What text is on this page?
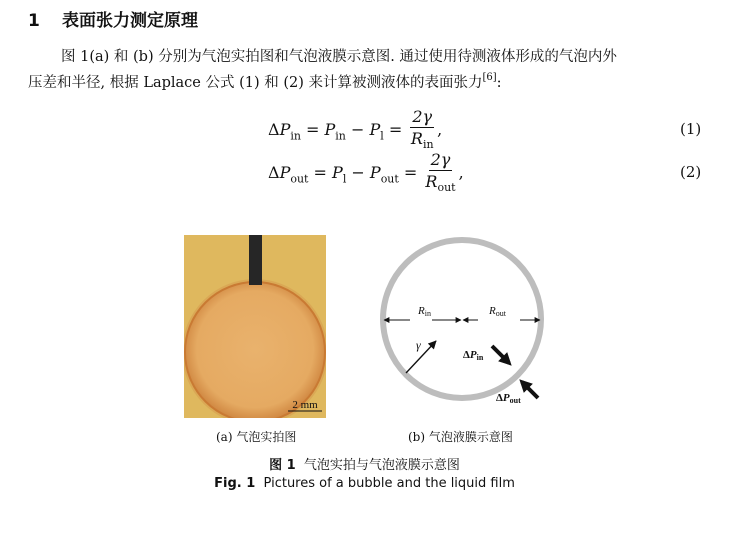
1 表面张力测定原理
图 1(a) 和 (b) 分别为气泡实拍图和气泡液膜示意图. 通过使用待测液体形成的气泡内外
压差和半径, 根据 Laplace 公式 (1) 和 (2) 来计算被测液体的表面张力[6]:
$\Delta P_{in} = P_{in} - P_l = \frac{2\gamma}{R_{in}}$ ,	(1)
$\Delta P_{out} = P_l - P_{out} = \frac{2\gamma}{R_{out}}$ ,	(2)
2 mm
(a) 气泡实拍图
Rin	Rout
γ
ΔPin
ΔPout
(b) 气泡液膜示意图
图 1 气泡实拍与气泡液膜示意图
Fig. 1 Pictures of a bubble and the liquid film
